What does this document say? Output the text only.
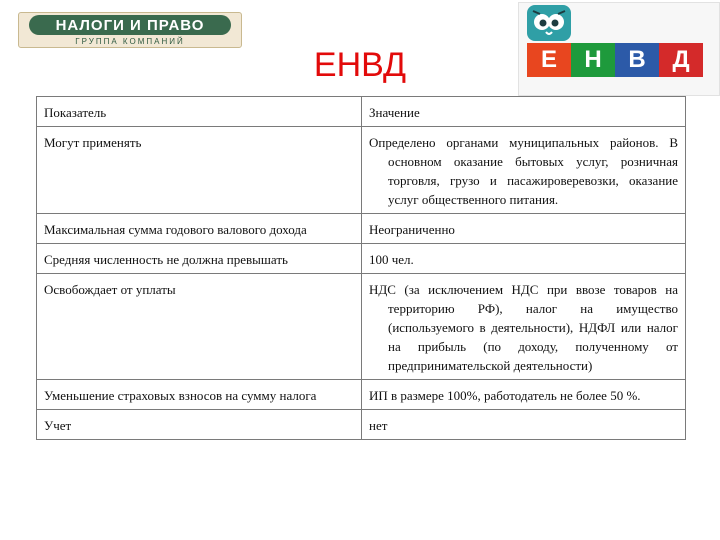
НАЛОГИ И ПРАВО
ГРУППА КОМПАНИЙ
ЕНВД	Е	Н	В	Д
Показатель	Значение
Могут применять	Определено органами муниципальных районов. В основном оказание бытовых услуг, розничная торговля, грузо и пасажироверевозки, оказание услуг общественного питания.
Максимальная сумма годового валового дохода	Неограниченно
Средняя численность не должна превышать	100 чел.
Освобождает от уплаты	НДС (за исключением НДС при ввозе товаров на территорию РФ), налог на имущество (используемого в деятельности), НДФЛ или налог на прибыль (по доходу, полученному от предпринимательской деятельности)
Уменьшение страховых взносов на сумму налога	ИП в размере 100%, работодатель не более 50 %.
Учет	нет
